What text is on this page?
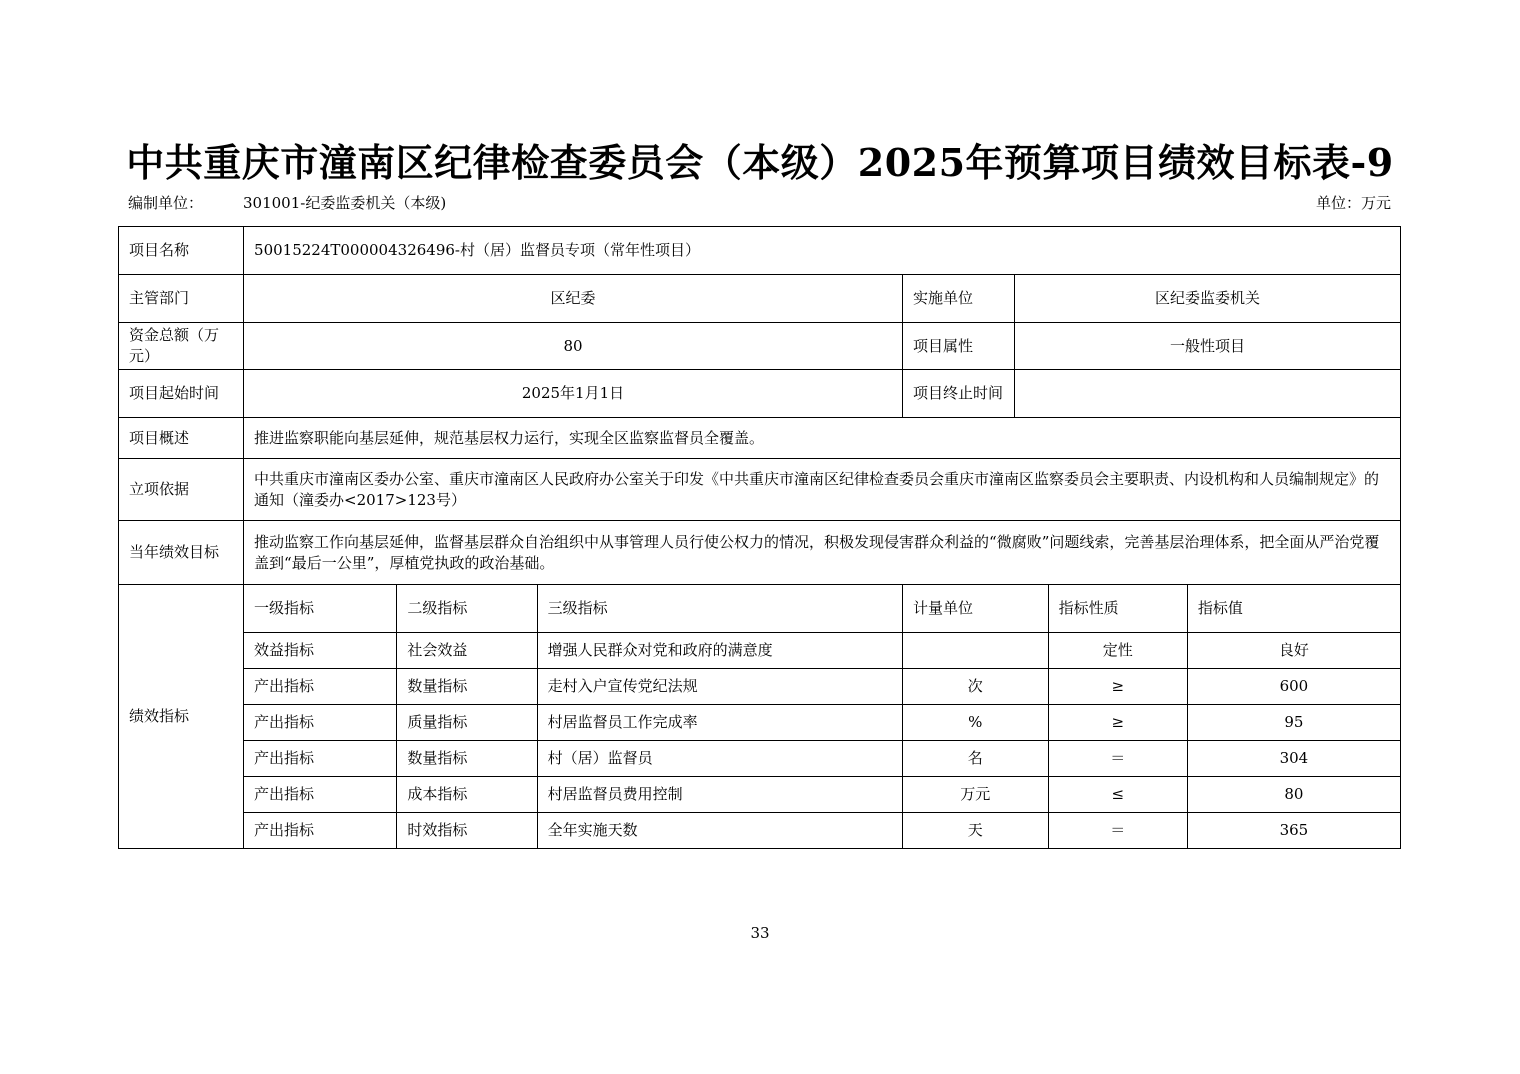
中共重庆市潼南区纪律检查委员会（本级）2025年预算项目绩效目标表-9
编制单位：	301001-纪委监委机关（本级)	单位：万元
项目名称	50015224T000004326496-村（居）监督员专项（常年性项目）						
主管部门	区纪委			实施单位	区纪委监委机关		
资金总额（万元）	80			项目属性	一般性项目		
项目起始时间	2025年1月1日			项目终止时间			
项目概述	推进监察职能向基层延伸，规范基层权力运行，实现全区监察监督员全覆盖。						
立项依据	中共重庆市潼南区委办公室、重庆市潼南区人民政府办公室关于印发《中共重庆市潼南区纪律检查委员会重庆市潼南区监察委员会主要职责、内设机构和人员编制规定》的通知（潼委办<2017>123号）						
当年绩效目标	推动监察工作向基层延伸，监督基层群众自治组织中从事管理人员行使公权力的情况，积极发现侵害群众利益的“微腐败”问题线索，完善基层治理体系，把全面从严治党覆盖到“最后一公里”，厚植党执政的政治基础。						
绩效指标	一级指标	二级指标	三级指标	计量单位		指标性质	指标值
	效益指标	社会效益	增强人民群众对党和政府的满意度			定性	良好
	产出指标	数量指标	走村入户宣传党纪法规	次		≥	600
	产出指标	质量指标	村居监督员工作完成率	%		≥	95
	产出指标	数量指标	村（居）监督员	名		＝	304
	产出指标	成本指标	村居监督员费用控制	万元		≤	80
	产出指标	时效指标	全年实施天数	天		＝	365
33
